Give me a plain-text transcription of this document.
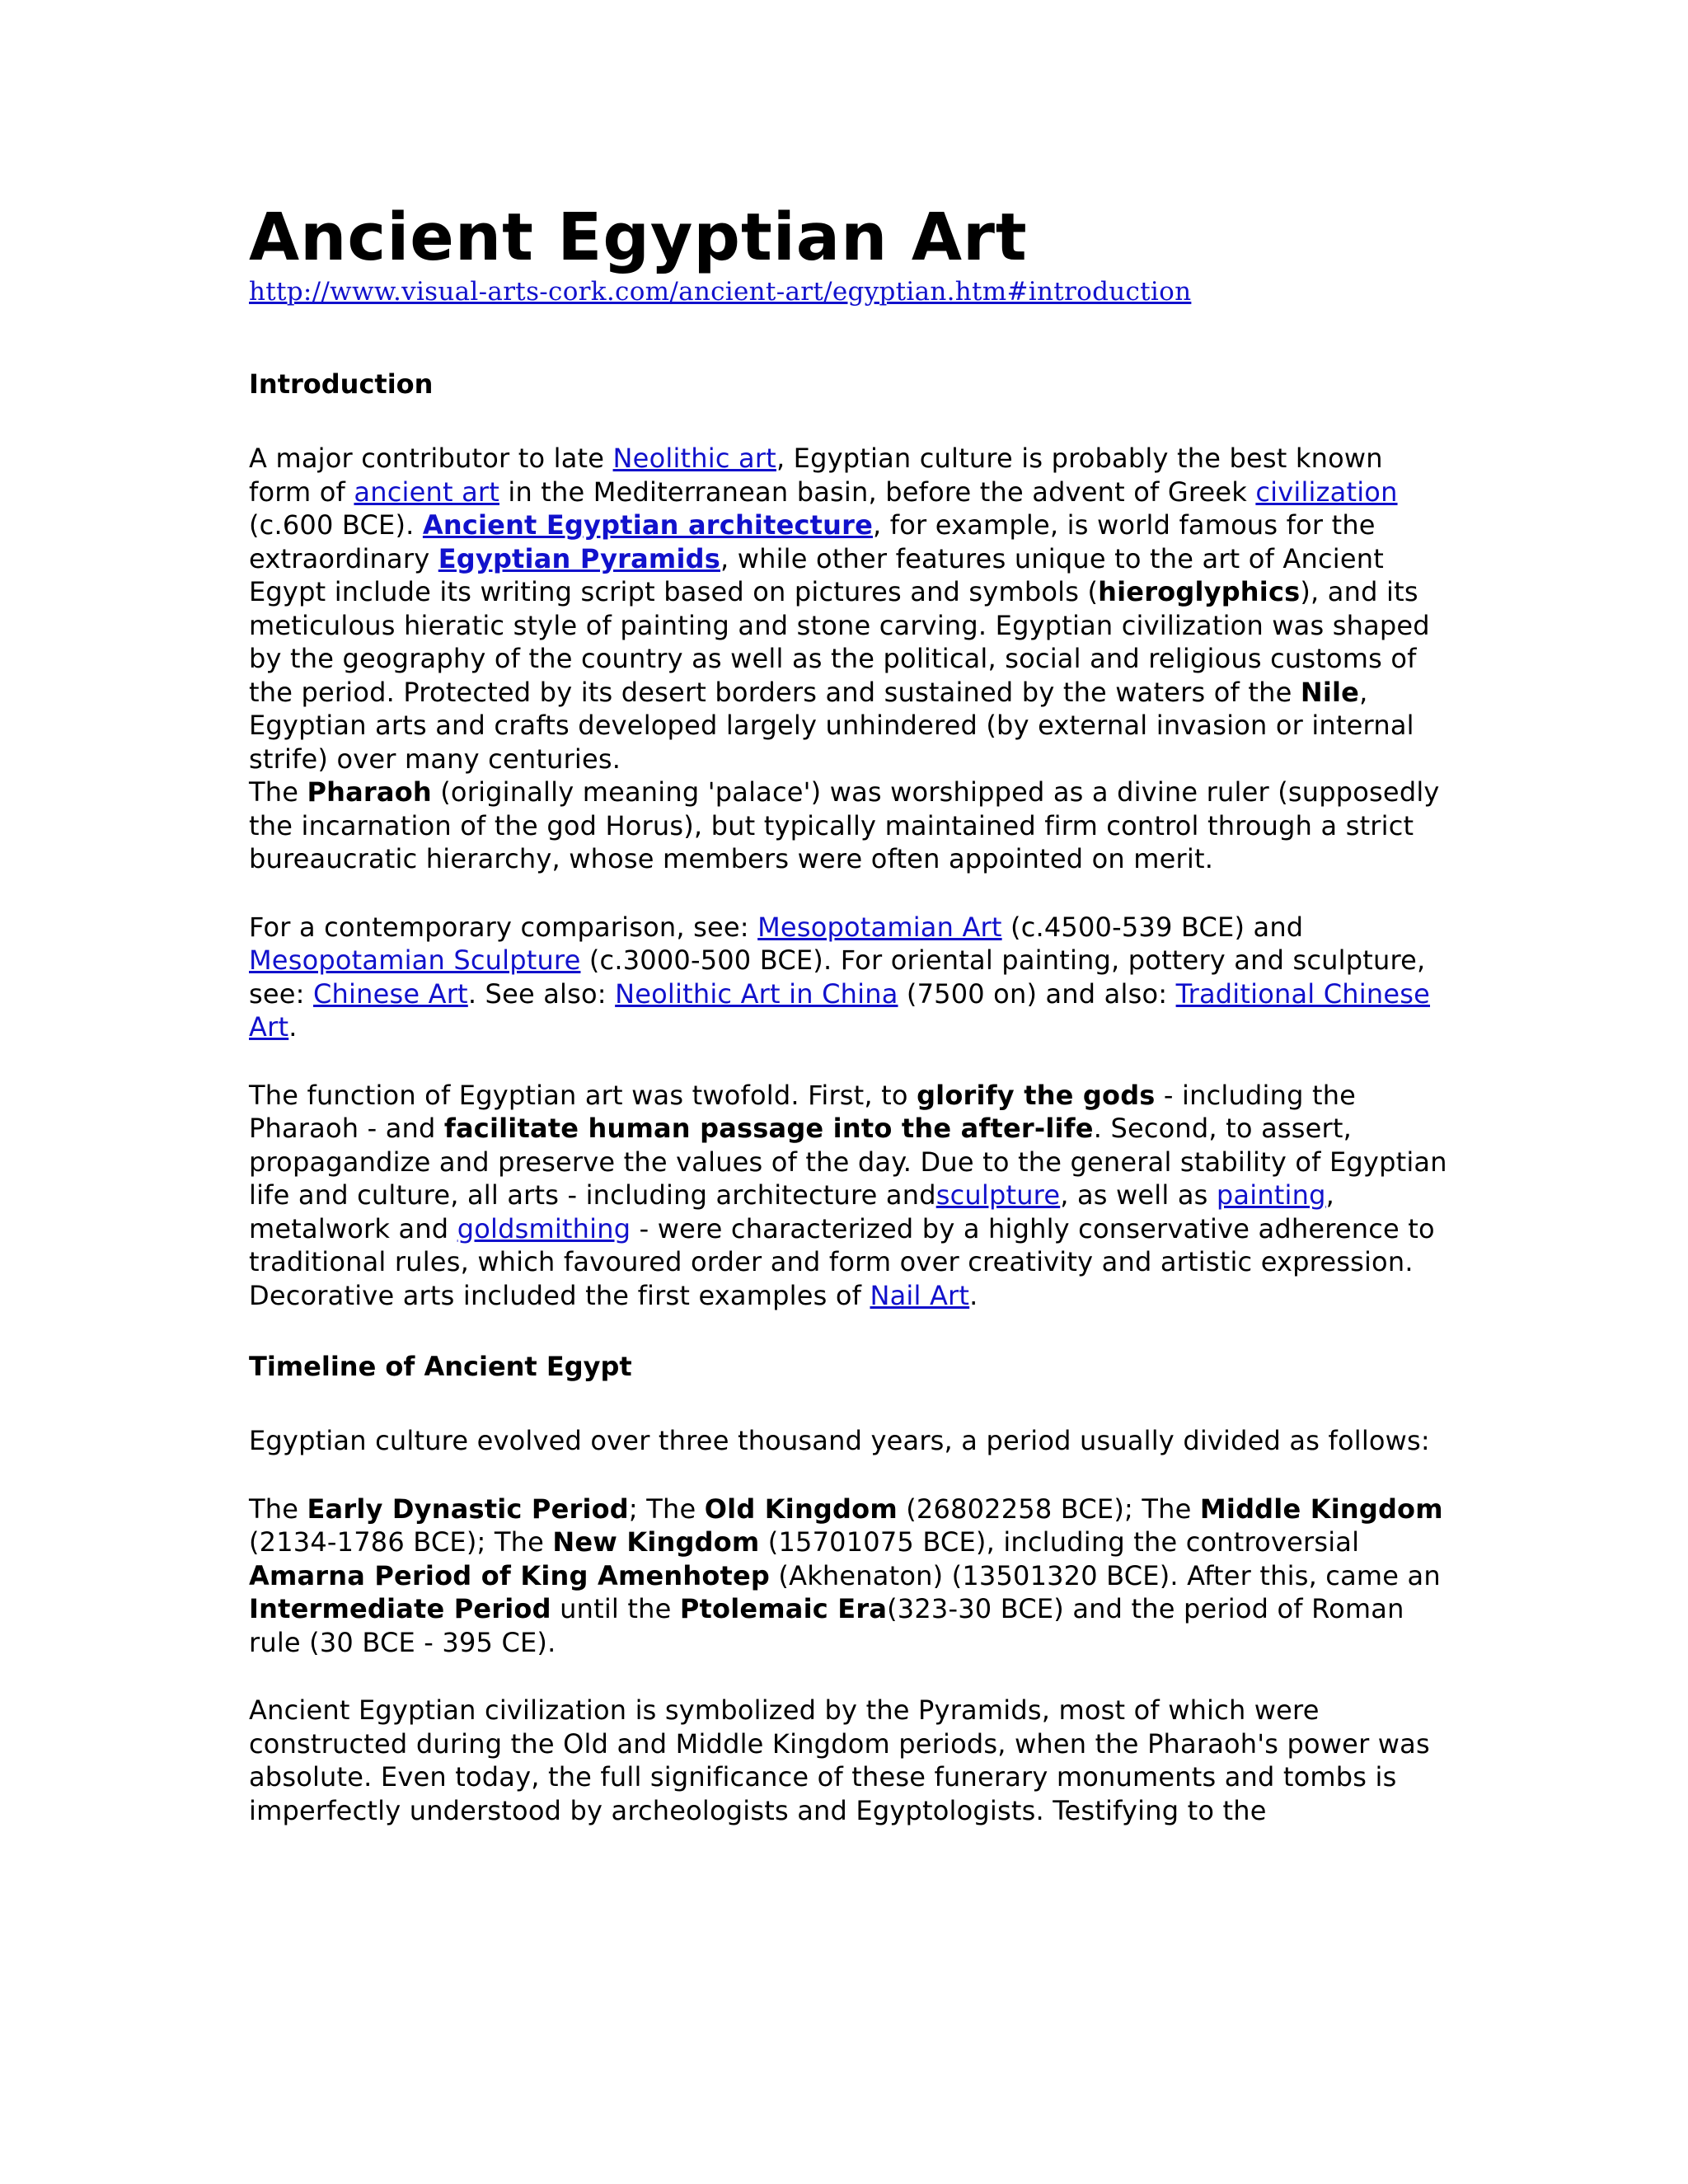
Ancient Egyptian Art
http://www.visual-arts-cork.com/ancient-art/egyptian.htm#introduction
Introduction

A major contributor to late Neolithic art, Egyptian culture is probably the best known form of ancient art in the Mediterranean basin, before the advent of Greek civilization (c.600 BCE). Ancient Egyptian architecture, for example, is world famous for the extraordinary Egyptian Pyramids, while other features unique to the art of Ancient Egypt include its writing script based on pictures and symbols (hieroglyphics), and its meticulous hieratic style of painting and stone carving. Egyptian civilization was shaped by the geography of the country as well as the political, social and religious customs of the period. Protected by its desert borders and sustained by the waters of the Nile, Egyptian arts and crafts developed largely unhindered (by external invasion or internal strife) over many centuries.
The Pharaoh (originally meaning 'palace') was worshipped as a divine ruler (supposedly the incarnation of the god Horus), but typically maintained firm control through a strict bureaucratic hierarchy, whose members were often appointed on merit.

For a contemporary comparison, see: Mesopotamian Art (c.4500-539 BCE) and Mesopotamian Sculpture (c.3000-500 BCE). For oriental painting, pottery and sculpture, see: Chinese Art. See also: Neolithic Art in China (7500 on) and also: Traditional Chinese Art.

The function of Egyptian art was twofold. First, to glorify the gods - including the Pharaoh - and facilitate human passage into the after-life. Second, to assert, propagandize and preserve the values of the day. Due to the general stability of Egyptian life and culture, all arts - including architecture andsculpture, as well as painting, metalwork and goldsmithing - were characterized by a highly conservative adherence to traditional rules, which favoured order and form over creativity and artistic expression. Decorative arts included the first examples of Nail Art.

Timeline of Ancient Egypt

Egyptian culture evolved over three thousand years, a period usually divided as follows:

The Early Dynastic Period; The Old Kingdom (26802258 BCE); The Middle Kingdom (2134-1786 BCE); The New Kingdom (15701075 BCE), including the controversial Amarna Period of King Amenhotep (Akhenaton) (13501320 BCE). After this, came an Intermediate Period until the Ptolemaic Era(323-30 BCE) and the period of Roman rule (30 BCE - 395 CE).

Ancient Egyptian civilization is symbolized by the Pyramids, most of which were constructed during the Old and Middle Kingdom periods, when the Pharaoh's power was absolute. Even today, the full significance of these funerary monuments and tombs is imperfectly understood by archeologists and Egyptologists. Testifying to the
